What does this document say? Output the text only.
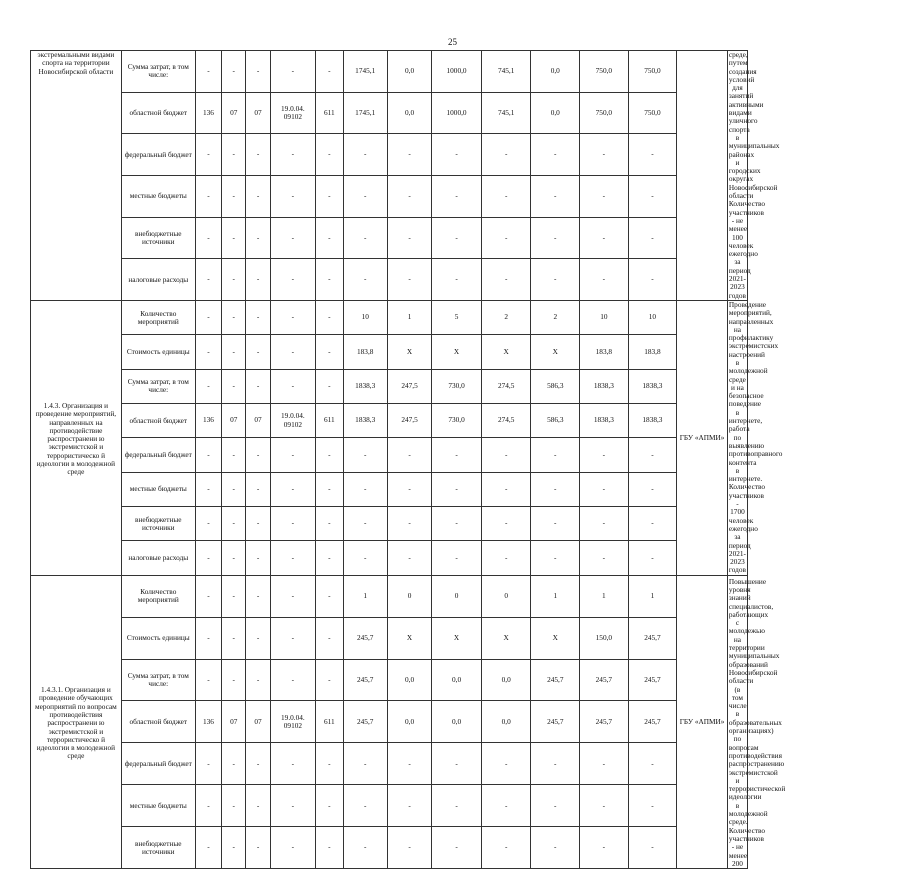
25
экстремальными видами спорта на территории Новосибирской области	Сумма затрат, в том числе:	-	-	-	-	-	1745,1	0,0	1000,0	745,1	0,0	750,0	750,0		среде, путем создания условий для занятий активными видами уличного спорта в муниципальных районах и городских округах Новосибирской области Количество участников - не менее 100 человек ежегодно за период 2021-2023 годов
	областной бюджет	136	07	07	19.0.04. 09102	611	1745,1	0,0	1000,0	745,1	0,0	750,0	750,0		
	федеральный бюджет	-	-	-	-	-	-	-	-	-	-	-	-		
	местные бюджеты	-	-	-	-	-	-	-	-	-	-	-	-		
	внебюджетные источники	-	-	-	-	-	-	-	-	-	-	-	-		
	налоговые расходы	-	-	-	-	-	-	-	-	-	-	-	-		
1.4.3. Организация и проведение мероприятий, направленных на противодействие распространени ю экстремистской и террористическо й идеологии в молодежной среде	Количество мероприятий	-	-	-	-	-	10	1	5	2	2	10	10	ГБУ «АПМИ»	Проведение мероприятий, направленных на профилактику экстремистских настроений в молодежной среде и на безопасное поведение в интернете, работа по выявлению противоправного контента в интернете. Количество участников - 1700 человек ежегодно за период 2021-2023 годов
	Стоимость единицы	-	-	-	-	-	183,8	Х	Х	Х	Х	183,8	183,8		
	Сумма затрат, в том числе:	-	-	-	-	-	1838,3	247,5	730,0	274,5	586,3	1838,3	1838,3		
	областной бюджет	136	07	07	19.0.04. 09102	611	1838,3	247,5	730,0	274,5	586,3	1838,3	1838,3		
	федеральный бюджет	-	-	-	-	-	-	-	-	-	-	-	-		
	местные бюджеты	-	-	-	-	-	-	-	-	-	-	-	-		
	внебюджетные источники	-	-	-	-	-	-	-	-	-	-	-	-		
	налоговые расходы	-	-	-	-	-	-	-	-	-	-	-	-		
1.4.3.1. Организация и проведение обучающих мероприятий по вопросам противодействия распространени ю экстремистской и террористическо й идеологии в молодежной среде	Количество мероприятий	-	-	-	-	-	1	0	0	0	1	1	1	ГБУ «АПМИ»	Повышение уровня знаний специалистов, работающих с молодежью на территории муниципальных образований Новосибирской области (в том числе в образовательных организациях) по вопросам противодействия распространению экстремистской и террористической идеологии в молодежной среде. Количество участников - не менее 200
	Стоимость единицы	-	-	-	-	-	245,7	Х	Х	Х	Х	150,0	245,7		
	Сумма затрат, в том числе:	-	-	-	-	-	245,7	0,0	0,0	0,0	245,7	245,7	245,7		
	областной бюджет	136	07	07	19.0.04. 09102	611	245,7	0,0	0,0	0,0	245,7	245,7	245,7		
	федеральный бюджет	-	-	-	-	-	-	-	-	-	-	-	-		
	местные бюджеты	-	-	-	-	-	-	-	-	-	-	-	-		
	внебюджетные источники	-	-	-	-	-	-	-	-	-	-	-	-		
